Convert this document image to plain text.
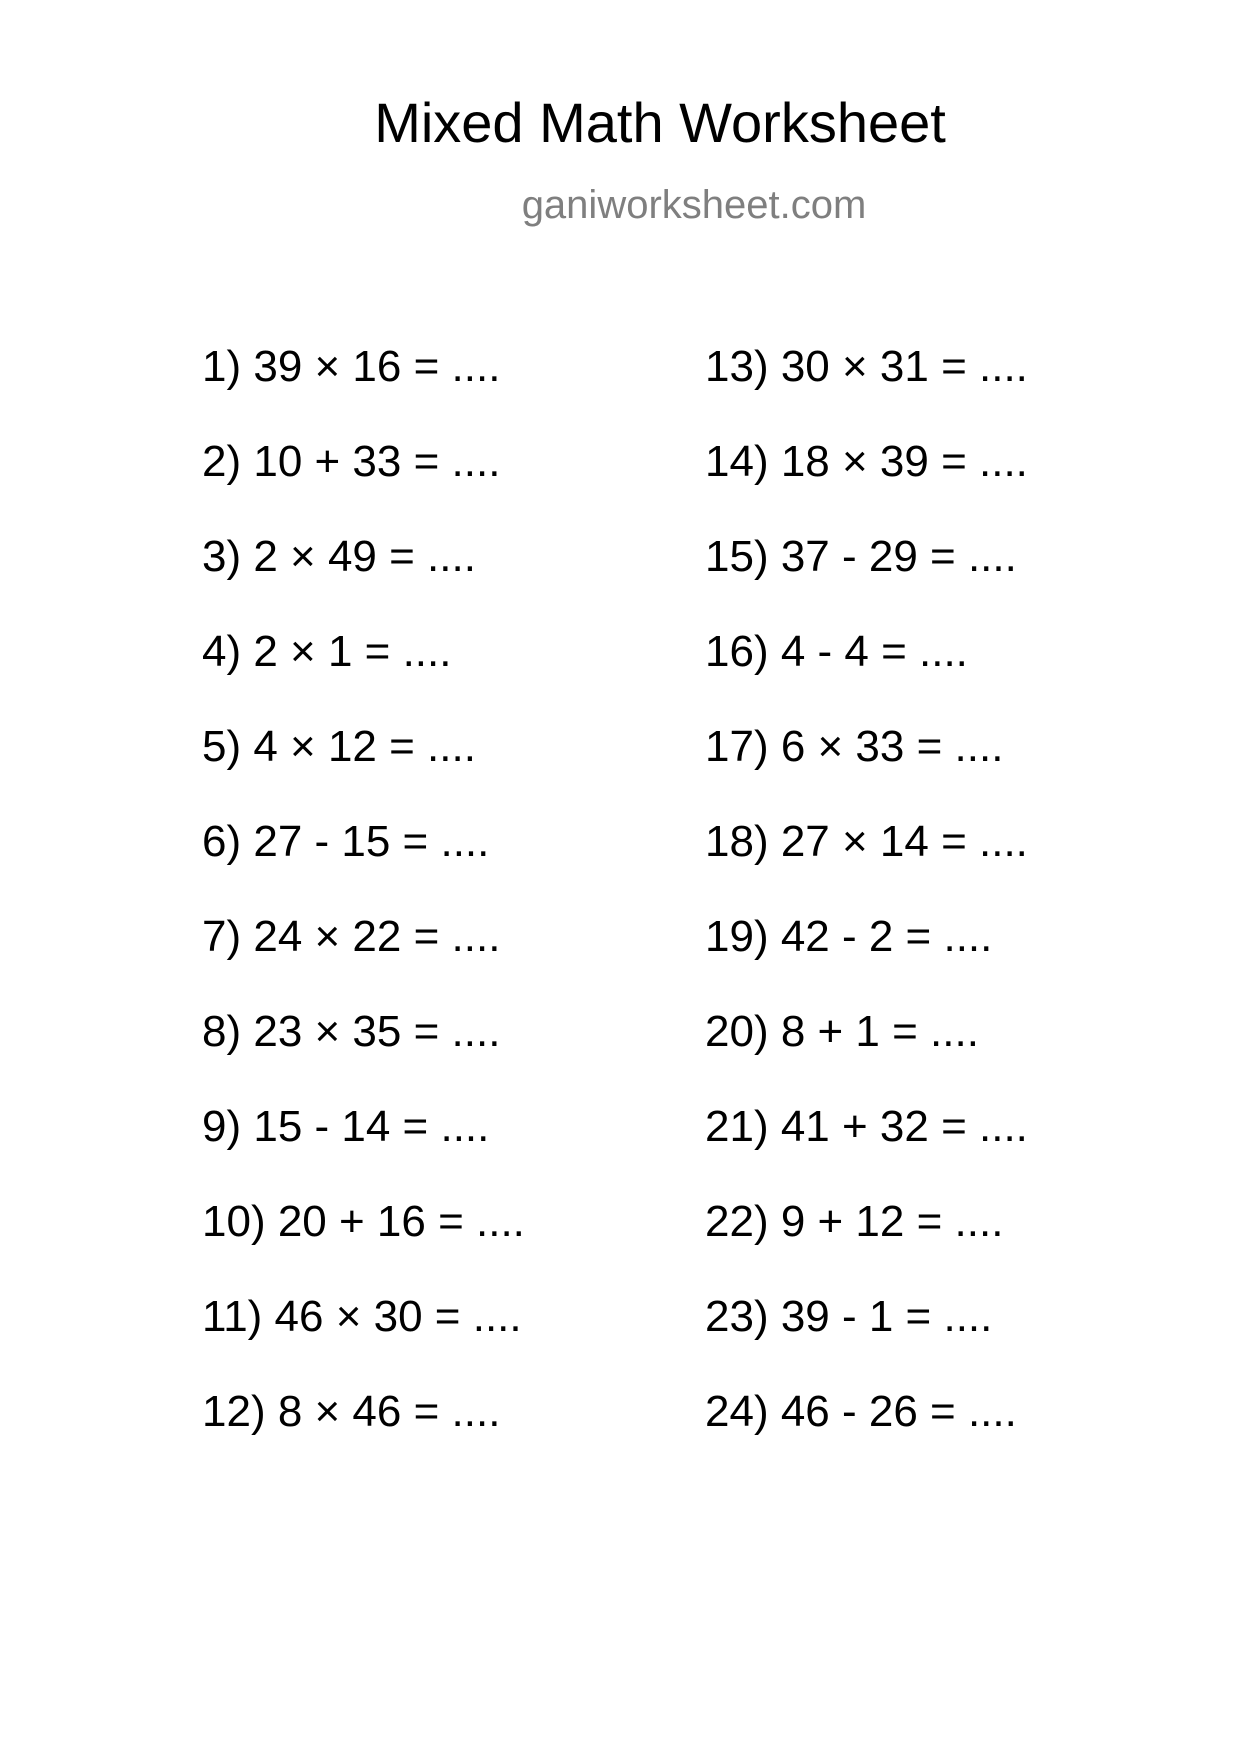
Mixed Math Worksheet
ganiworksheet.com
1) 39 × 16 = ....
2) 10 + 33 = ....
3) 2 × 49 = ....
4) 2 × 1 = ....
5) 4 × 12 = ....
6) 27 - 15 = ....
7) 24 × 22 = ....
8) 23 × 35 = ....
9) 15 - 14 = ....
10) 20 + 16 = ....
11) 46 × 30 = ....
12) 8 × 46 = ....
13) 30 × 31 = ....
14) 18 × 39 = ....
15) 37 - 29 = ....
16) 4 - 4 = ....
17) 6 × 33 = ....
18) 27 × 14 = ....
19) 42 - 2 = ....
20) 8 + 1 = ....
21) 41 + 32 = ....
22) 9 + 12 = ....
23) 39 - 1 = ....
24) 46 - 26 = ....
